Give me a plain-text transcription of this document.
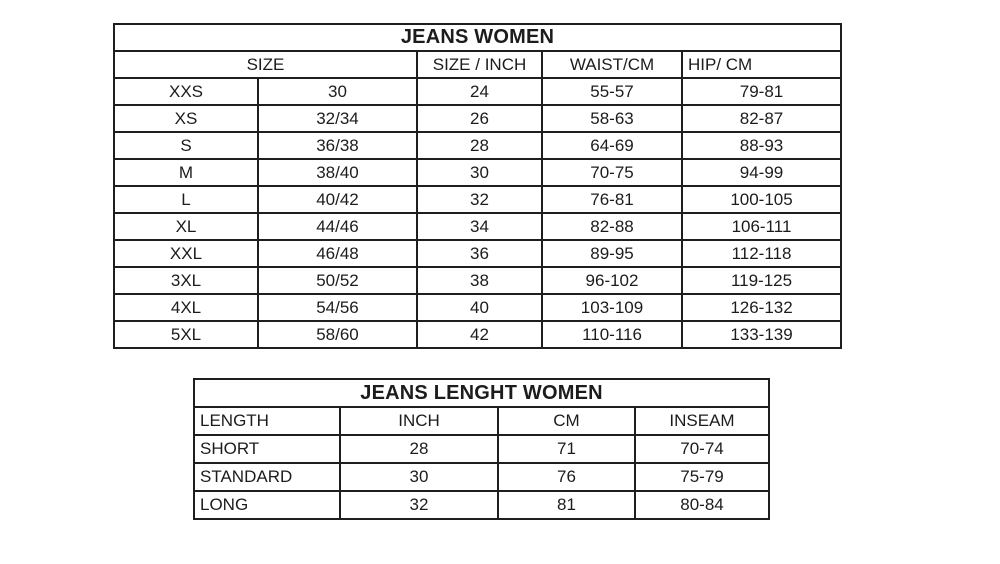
JEANS WOMEN				
SIZE		SIZE / INCH	WAIST/CM	HIP/ CM
XXS	30	24	55-57	79-81
XS	32/34	26	58-63	82-87
S	36/38	28	64-69	88-93
M	38/40	30	70-75	94-99
L	40/42	32	76-81	100-105
XL	44/46	34	82-88	106-111
XXL	46/48	36	89-95	112-118
3XL	50/52	38	96-102	119-125
4XL	54/56	40	103-109	126-132
5XL	58/60	42	110-116	133-139
JEANS LENGHT WOMEN			
LENGTH	INCH	CM	INSEAM
SHORT	28	71	70-74
STANDARD	30	76	75-79
LONG	32	81	80-84
